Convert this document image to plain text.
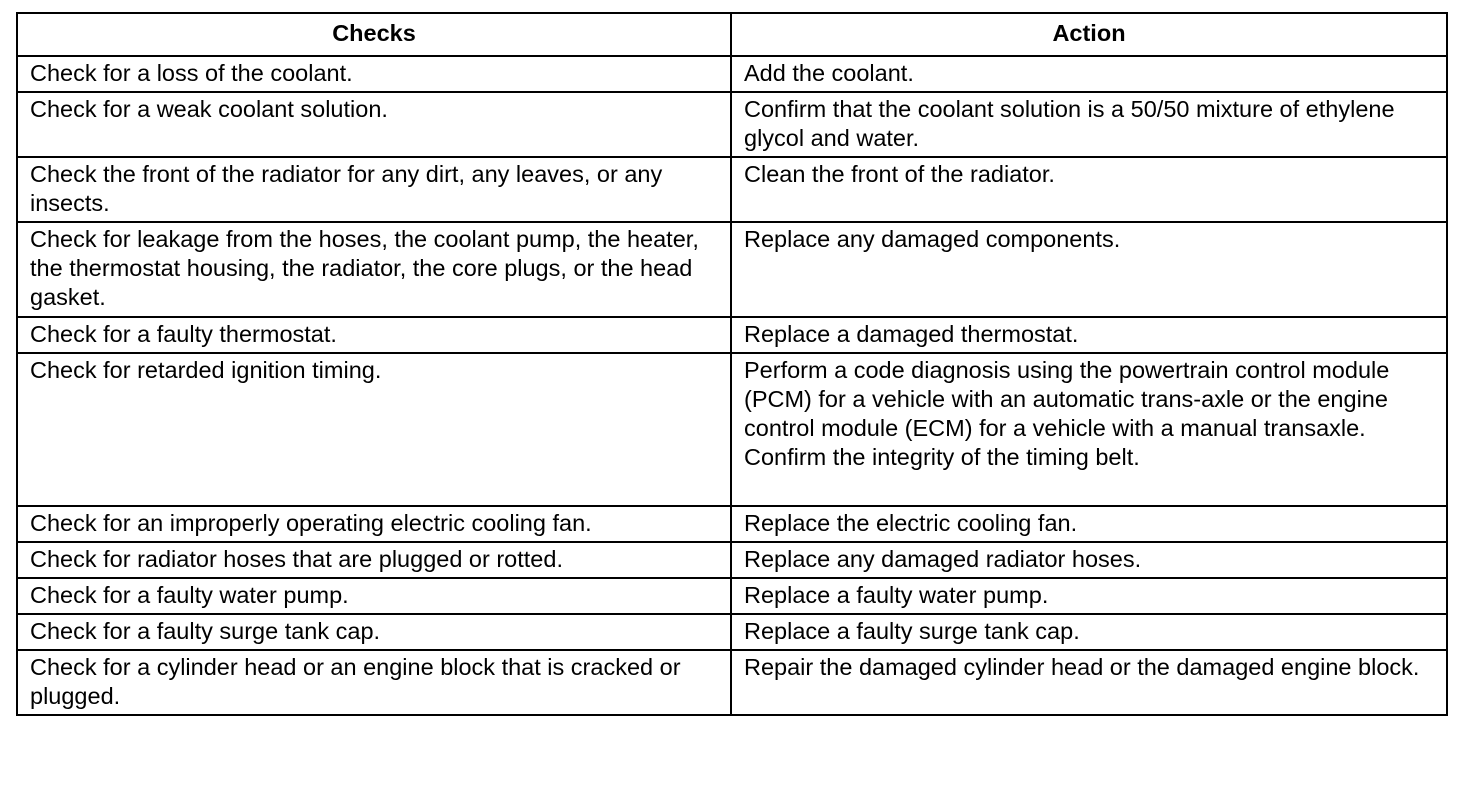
Checks	Action
Check for a loss of the coolant.	Add the coolant.
Check for a weak coolant solution.	Confirm that the coolant solution is a 50/50 mixture of ethylene glycol and water.
Check the front of the radiator for any dirt, any leaves, or any insects.	Clean the front of the radiator.
Check for leakage from the hoses, the coolant pump, the heater, the thermostat housing, the radiator, the core plugs, or the head gasket.	Replace any damaged components.
Check for a faulty thermostat.	Replace a damaged thermostat.
Check for retarded ignition timing.	Perform a code diagnosis using the powertrain control module (PCM) for a vehicle with an automatic trans-axle or the engine control module (ECM) for a vehicle with a manual transaxle. Confirm the integrity of the timing belt.
Check for an improperly operating electric cooling fan.	Replace the electric cooling fan.
Check for radiator hoses that are plugged or rotted.	Replace any damaged radiator hoses.
Check for a faulty water pump.	Replace a faulty water pump.
Check for a faulty surge tank cap.	Replace a faulty surge tank cap.
Check for a cylinder head or an engine block that is cracked or plugged.	Repair the damaged cylinder head or the damaged engine block.
